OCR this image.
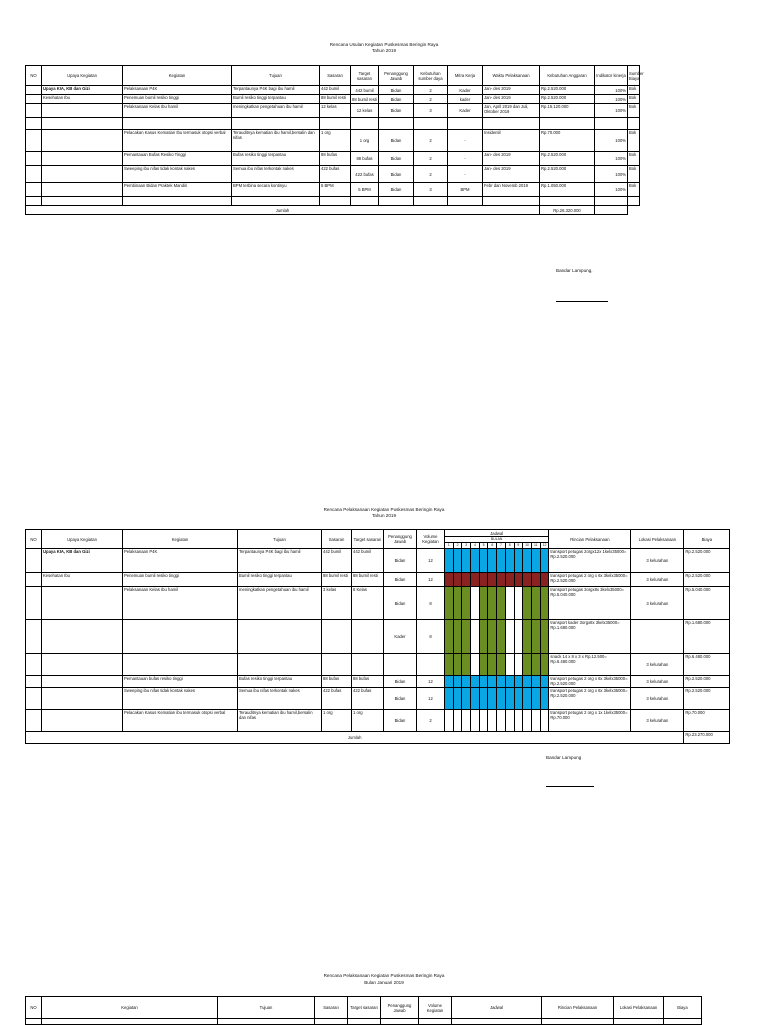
Rencana Usulan Kegiatan Puskesmas Beringin Raya
Tahun 2019
NO	Upaya Kegiatan	Kegiatan	Tujuan	Sasaran	Target sasaran	Penanggung Jawab	Kebutuhan sumber daya	Mitra Kerja	Waktu Pelaksanaan	Kebutuhan Anggaran	Indikator kinerja	Sumber Biaya
	Upaya KIA, KB dan Gizi	Pelaksanaan P4K	Terpantaunya P4K bagi ibu hamil	442 bumil	442 bumil	Bidan	2	Kader	Jan- des 2019	Rp.2.520.000	100%	Bok
	Kesehatan Ibu	Penemuan bumil resiko tinggi	Bumil resiko tinggi terpantau	88 bumil resti	88 bumil resti	Bidan	2	kader	Jan- des 2019	Rp.2.520.000	100%	Bok
		Pelaksanaan Kelas Ibu hamil	meningkatkan pengetahuan ibu hamil	12 kelas	12 kelas	Bidan	3	Kader	Jan, April 2019 dan Juli, Oktober 2019	Rp.15.120.000	100%	Bok

		Pelacakan Kasus Kematian Ibu termasuk otopsi verbal	Terauditnya kematian ibu hamil,bersalin dan nifas	1 org	1 org	Bidan	2	-	Insidentil	Rp.70.000	100%	Bok
		Pemantauan Bufas Resiko Tinggi	Bufas resiko tinggi terpantau	88 bufas	88 bufas	Bidan	2	-	Jan- des 2019	Rp.2.520.000	100%	Bok
		Sweeping ibu nifas tidak kontak nakes	Semua ibu nifas terkontak nakes	422 bufas	422 bufas	Bidan	2	-	Jan- des 2019	Rp.2.520.000	100%	Bok
		Pembinaan Bidan Praktek Mandiri	BPM terbina secara kontinyu	5 BPM	5 BPM	Bidan	3	BPM	Febr dan Novemb 2019	Rp.1.050.000	100%	Bok

Jumlah										Rp.26.320.000		
Bandar Lampung,
Rencana Pelaksanaan Kegiatan Puskesmas Beringin Raya
Tahun 2019
NO	Upaya Kegiatan	Kegiatan	Tujuan	Sasaran	Target sasaran	Penanggung Jawab	Volume Kegiatan	Jadwal												Rincian Pelaksanaan	Lokasi Pelaksanaan	Biaya
								BULAN														
								1	2	3	4	5	6	7	8	9	10	11	12			
	Upaya KIA, KB dan Gizi	Pelaksanaan P4K	Terpantaunya P4K bagi ibu hamil	442 bumil	442 bumil	Bidan	12													transport petugas 2orgx12x 1kelx35000= Rp.2.520.000	3 kelurahan	Rp.2.520.000
	Kesehatan Ibu	Penemuan bumil resiko tinggi	Bumil resiko tinggi terpantau	88 bumil resti	88 bumil resti	Bidan	12													transport petugas 2 org x 6x 3kelx35000= Rp.2.520.000	3 kelurahan	Rp.2.520.000
		Pelaksanaan Kelas Ibu hamil	meningkatkan pengetahuan ibu hamil	3 kelas	8 Kelas	Bidan	8													transport petugas 3orgx8x 3kelx35000= Rp.5.040.000	3 kelurahan	Rp.5.040.000
						Kader	8													transport kader 3orgx8x 3kelx35000= Rp.1.680.000		Rp.1.680.000
																				snack 14 x 8 x 3 x Rp.12.500= Rp.6.480.000	3 kelurahan	Rp.6.480.000
		Pemantauan bufas resiko tinggi	Bufas resiko tinggi terpantau	88 bufas	88 bufas	Bidan	12													transport petugas 2 org x 6x 3kelx35000= Rp.2.520.000	3 kelurahan	Rp.2.520.000
		Sweeping ibu nifas tidak kontak nakes	Semua ibu nifas terkontak nakes	422 bufas	422 bufas	Bidan	12													transport petugas 2 org x 6x 3kelx35000= Rp.2.520.000	3 kelurahan	Rp.2.520.000
		Pelacakan Kasus Kematian ibu termasuk otopsi verbal	Terauditnya kematian ibu hamil,bersalin dan nifas	1 org	1 org	Bidan	2													transport petugas 2 org x 1x 1kelx35000= Rp.70.000	3 kelurahan	Rp.70.000
Jumlah																						Rp.23.270.000
Bandar Lampung
Rencana Pelaksanaan Kegiatan Puskesmas Beringin Raya
Bulan Januari 2019
NO	Kegiatan	Tujuan	Sasaran	Target sasaran	Penanggung Jawab	Volume Kegiatan	Jadwal	Rincian Pelaksanaan	Lokasi Pelaksanaan	Biaya
